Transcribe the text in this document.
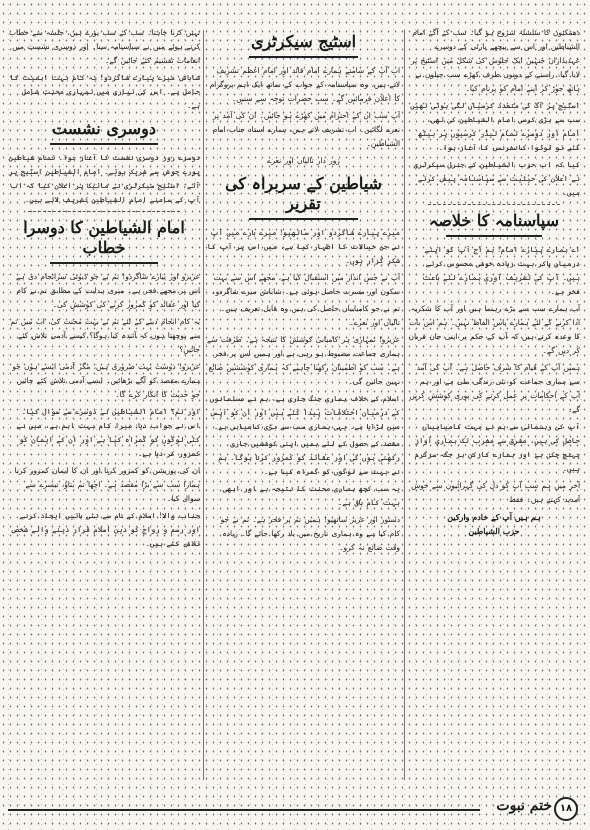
دھمکیوں کا سلسلہ شروع ہو گیا۔ سب کے آگے امام الشیاطین اور اس سے پیچھے پارٹی کے دوسرے عہدیداران جنہیں ایک جلوس کی شکل میں اسٹیج پر لایا گیا، راستے کے دونوں طرف کھڑے سب چیلوں نے ہاتھ جوڑ کر اپنے امام کو پرنام کیا۔

اسٹیج پر آگ کی متعدد کرسیاں لگی ہوئی تھیں سب سے بڑی کرسی امام الشیاطین کی تھی، امام اور دوسرے تمام لیڈر کرسیوں پر بیٹھ گئے تو ٹوٹوا کانفرنس کا آغاز ہوا۔

کیا کہ اب حزب الشیاطین کے جنرل سیکرٹری نے اعلان کی حیثیت سے سپاسنامہ پیش کرتے ہیں۔

سپاسنامہ کا خلاصہ

اے ہمارے پیارے امام! ہم آج آپ کو اپنے درمیان پاکر بہت زیادہ خوشی محسوس کرتے ہیں۔ آپ کی تشریف آوری ہمارے لئے باعث فخر ہے۔

آپ ہمارے سب سے بڑے رہنما ہیں اور آپ کا شکریہ ادا کرنے کے لئے ہمارے پاس الفاظ نہیں۔ ہم اس بات کا وعدہ کرتے ہیں کہ آپ کے حکم پر اپنی جان قربان کر دیں گے۔

ہمیں آپ کے قیام کا شرف حاصل ہے۔ آپ کی آمد سے ہماری جماعت کو نئی زندگی ملی ہے اور ہم آپ کے احکامات پر عمل کرنے کی پوری کوشش کریں گے۔

آپ کی رہنمائی سے ہم نے بہت کامیابیاں حاصل کی ہیں، مشرق سے مغرب تک ہماری آواز پہنچ چکی ہے اور ہمارے کارکن ہر جگہ سرگرم ہیں۔

آخر میں ہم سب آپ کو دل کی گہرائیوں سے خوش آمدید کہتے ہیں۔ فقط

ہم ہیں آپ کے خادم وارکین
حزب الشیاطین
اسٹیج سیکرٹری

اب آپ کے سامنے ہمارے امام قائد اور امام اعظم تشریف لاتے ہیں، وہ سپاسنامہ کے جواب کے ساتھ ایک اہم پروگرام کا اعلان فرمائیں گے۔ سب حضرات توجہ سے سنیں۔

آپ سب ان کے احترام میں کھڑے ہو جائیں۔ ان کی آمد پر نعرے لگائیں۔ اب تشریف لاتے ہیں، ہمارے استاد جناب امام الشیاطین۔

زور دار تالیاں اور نعرے

شیاطین کے سربراہ کی تقریر

میرے پیارے شاگردو اور ساتھیو! میرے بارے میں آپ نے جن خیالات کا اظہار کیا ہے، میں اس پر آپ کا شکر گزار ہوں۔

آپ نے جس انداز میں استقبال کیا ہے، مجھے اس سے بہت سکون اور مسرت حاصل ہوئی ہے۔ شاباش میرے شاگردو۔

تم نے جو کامیابیاں حاصل کی ہیں وہ قابل تعریف ہیں۔ تالیاں اور نعرے۔

عزیزو! تمہاری ہر کامیابی کوشش کا نتیجہ ہے۔ طرفت سے ہماری جماعت مضبوط ہو رہی ہے اور ہمیں اس پر فخر ہے۔ سب کو اطمینان رکھنا چاہیے کہ ہماری کوششیں ضائع نہیں جائیں گی۔

اسلام کے خلاف ہماری جنگ جاری ہے، ہم نے مسلمانوں کے درمیان اختلافات پیدا کئے ہیں اور ان کو آپس میں لڑایا ہے۔ یہی ہماری سب سے بڑی کامیابی ہے۔

مقصد کے حصول کے لئے ہمیں اپنی کوششیں جاری رکھنی ہوں گی اور عقائد کو کمزور کرنا ہوگا۔ ہم نے بہت سے لوگوں کو گمراہ کیا ہے۔

یہ سب کچھ ہماری محنت کا نتیجہ ہے اور ابھی بہت کام باقی ہے۔

دستور اور عزیز ساتھیو! ہمیں تم پر فخر ہے۔ تم نے جو کام کیا ہے وہ ہماری تاریخ میں یاد رکھا جائے گا۔ زیادہ وقت ضائع نہ کرو۔

نہیں کرنا چاہتا۔ سب کے سب پورے ہیں، جلسہ سے خطاب کرتے ہوئے میں نے سپاسنامہ سنا۔ اور دوسری نشست میں انعامات تقسیم کئے جائیں گے۔

شاباش میرے پیارے شاگردو! یہ کام بہت اہمیت کا حامل ہے۔ اس کی تیاری میں تمہاری محنت شامل ہے۔

دوسری نشست

دوسرے روز دوسری نشست کا آغاز ہوا۔ تمام شیاطین پورے جوش سے شریک ہوئے۔ امام الشیاطین اسٹیج پر آئے، اسٹیج سیکرٹری نے مائیک پر اعلان کیا کہ اب آپ کے سامنے امام الشیاطین تشریف لاتے ہیں۔

امام الشیاطین کا دوسرا خطاب

عزیزو اور پیارے شاگردو! تم نے جو ڈیوٹی سرانجام دی ہے اس پر مجھے فخر ہے۔ میری ہدایت کے مطابق تم نے کام کیا اور عقائد کو کمزور کرنے کی کوشش کی۔

یہ کام انجام دینے کے لئے تم نے بہت محنت کی، اب میں تم سے پوچھتا ہوں کہ آئندہ کیا ہوگا؟ کیسے آدمی تلاش کئے جائیں؟

عزیزو! دوست بہت ضروری ہیں، مگر آدمی ایسے ہوں جو ہمارے مقصد کو آگے بڑھائیں۔ ایسے آدمی تلاش کئے جائیں جو حدیث کا انکار کرے گا۔

اور تم؟ امام الشیاطین نے دوسرے سے سوال کیا۔ اس نے جواب دیا: میرا کام بہت اہم ہے، میں نے کئی لوگوں کو گمراہ کیا ہے اور ان کے ایمان کو کمزور کر دیا ہے۔

ان کی پوزیشن کو کمزور کرنا اور ان کا ایمان کمزور کرنا ہمارا سب سے بڑا مقصد ہے۔ اچھا تم بتاؤ، تیسرے سے سوال کیا۔

جناب والا! اسلام کے نام سے نئی باتیں ایجاد کرنے اور رسم و رواج کو دین اسلام قرار دینے والے شخص تلاش کئے ہیں۔

ختم نبوت ۱۸
